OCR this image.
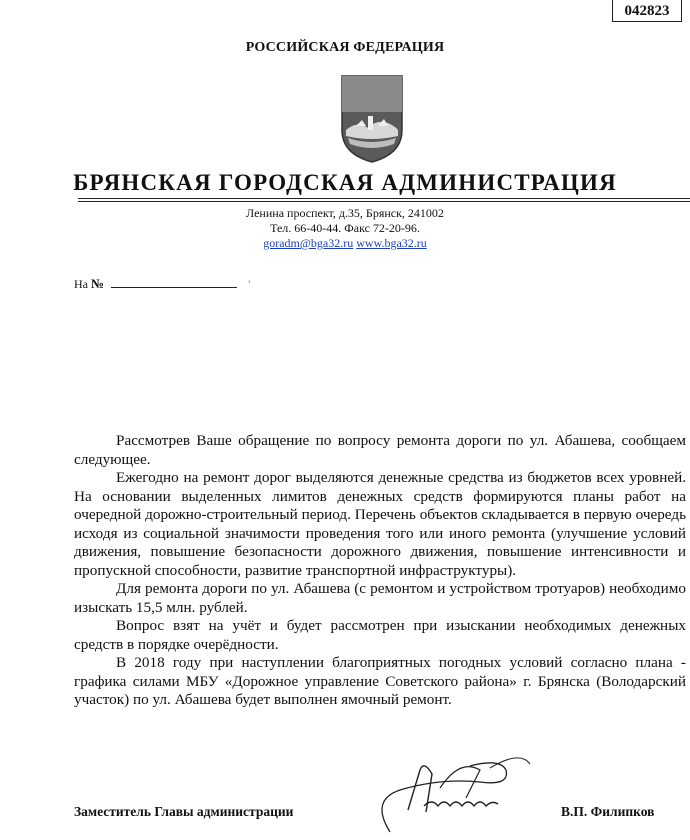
042823
РОССИЙСКАЯ ФЕДЕРАЦИЯ
БРЯНСКАЯ ГОРОДСКАЯ АДМИНИСТРАЦИЯ
Ленина проспект, д.35, Брянск, 241002
Тел. 66-40-44. Факс 72-20-96.
goradm@bga32.ru www.bga32.ru
На №	'

Рассмотрев Ваше обращение по вопросу ремонта дороги по ул. Абашева, сообщаем следующее.

Ежегодно на ремонт дорог выделяются денежные средства из бюджетов всех уровней. На основании выделенных лимитов денежных средств формируются планы работ на очередной дорожно-строительный период. Перечень объектов складывается в первую очередь исходя из социальной значимости проведения того или иного ремонта (улучшение условий движения, повышение безопасности дорожного движения, повышение интенсивности и пропускной способности, развитие транспортной инфраструктуры).

Для ремонта дороги по ул. Абашева (с ремонтом и устройством тротуаров) необходимо изыскать 15,5 млн. рублей.

Вопрос взят на учёт и будет рассмотрен при изыскании необходимых денежных средств в порядке очерёдности.

В 2018 году при наступлении благоприятных погодных условий согласно плана - графика силами МБУ «Дорожное управление Советского района» г. Брянска (Володарский участок) по ул. Абашева будет выполнен ямочный ремонт.

Заместитель Главы администрации	В.П. Филипков
